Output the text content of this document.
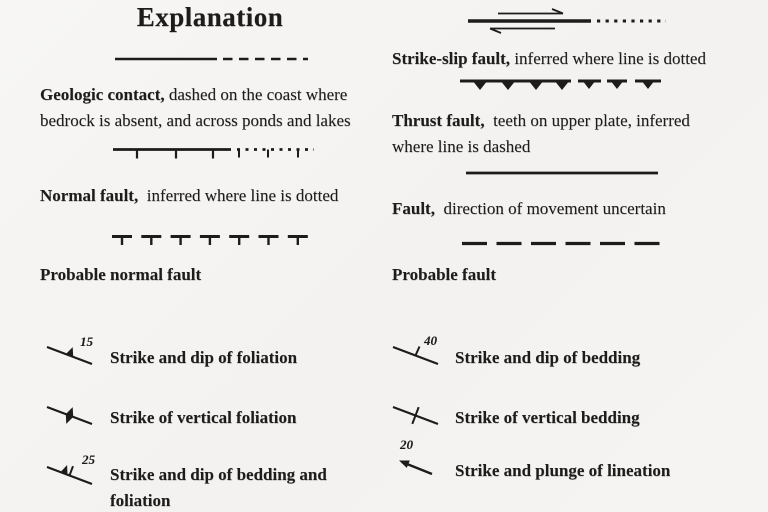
Explanation
Geologic contact, dashed on the coast where bedrock is absent, and across ponds and lakes
Normal fault,  inferred where line is dotted
Probable normal fault
15
Strike and dip of foliation
Strike of vertical foliation
25
Strike and dip of bedding and foliation
Strike-slip fault, inferred where line is dotted
Thrust fault,  teeth on upper plate, inferred where line is dashed
Fault,  direction of movement uncertain
Probable fault
40
Strike and dip of bedding
Strike of vertical bedding
20
Strike and plunge of lineation
